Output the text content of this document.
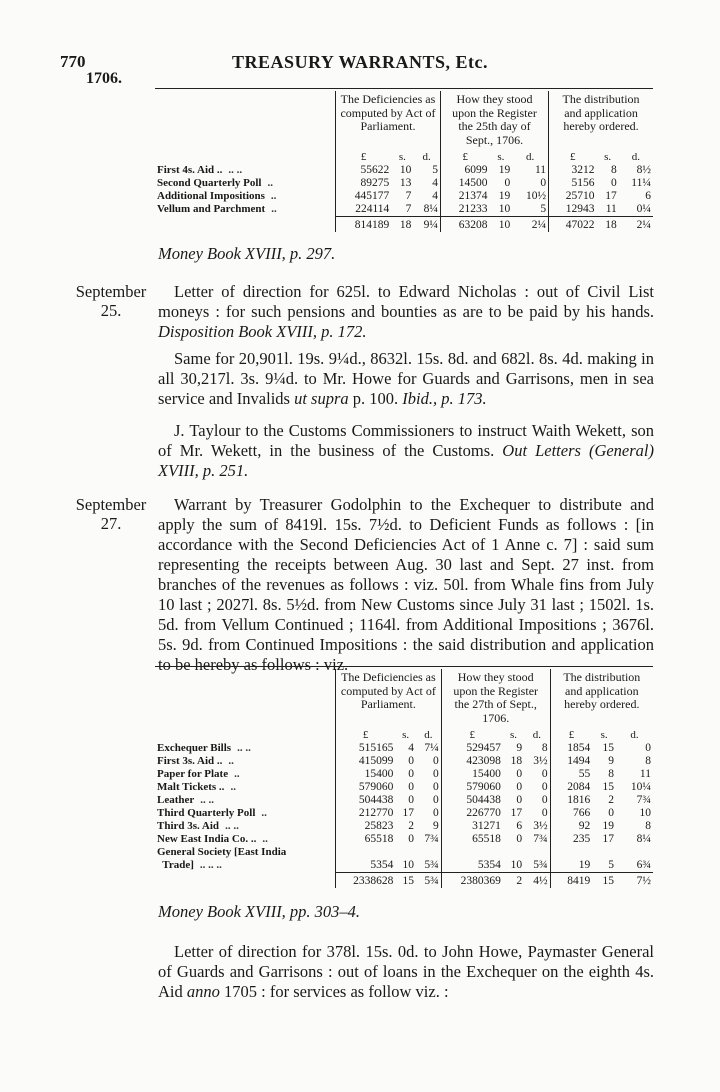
770	TREASURY WARRANTS, Etc.
1706.
	The Deficiencies as computed by Act of Parliament.			How they stood upon the Register the 25th day of Sept., 1706.			The distribution and application hereby ordered.		
	£	s.	d.	£	s.	d.	£	s.	d.
First 4s. Aid .. .. ..	55622	10	5	6099	19	11	3212	8	8½
Second Quarterly Poll ..	89275	13	4	14500	0	0	5156	0	11¼
Additional Impositions ..	445177	7	4	21374	19	10½	25710	17	6
Vellum and Parchment ..	224114	7	8¼	21233	10	5	12943	11	0¼
	814189	18	9¼	63208	10	2¼	47022	18	2¼
Money Book XVIII, p. 297.
September
25.
Letter of direction for 625l. to Edward Nicholas : out of Civil List moneys : for such pensions and bounties as are to be paid by his hands. Disposition Book XVIII, p. 172.
Same for 20,901l. 19s. 9¼d., 8632l. 15s. 8d. and 682l. 8s. 4d. making in all 30,217l. 3s. 9¼d. to Mr. Howe for Guards and Garrisons, men in sea service and Invalids ut supra p. 100. Ibid., p. 173.
J. Taylour to the Customs Commissioners to instruct Waith Wekett, son of Mr. Wekett, in the business of the Customs. Out Letters (General) XVIII, p. 251.
September
27.
Warrant by Treasurer Godolphin to the Exchequer to distribute and apply the sum of 8419l. 15s. 7½d. to Deficient Funds as follows : [in accordance with the Second Deficiencies Act of 1 Anne c. 7] : said sum representing the receipts between Aug. 30 last and Sept. 27 inst. from branches of the revenues as follows : viz. 50l. from Whale fins from July 10 last ; 2027l. 8s. 5½d. from New Customs since July 31 last ; 1502l. 1s. 5d. from Vellum Continued ; 1164l. from Additional Impositions ; 3676l. 5s. 9d. from Continued Impositions : the said distribution and application to be hereby as follows : viz.
	The Deficiencies as computed by Act of Parliament.			How they stood upon the Register the 27th of Sept., 1706.			The distribution and application hereby ordered.		
	£	s.	d.	£	s.	d.	£	s.	d.
Exchequer Bills .. ..	515165	4	7¼	529457	9	8	1854	15	0
First 3s. Aid .. ..	415099	0	0	423098	18	3½	1494	9	8
Paper for Plate ..	15400	0	0	15400	0	0	55	8	11
Malt Tickets .. ..	579060	0	0	579060	0	0	2084	15	10¼
Leather .. ..	504438	0	0	504438	0	0	1816	2	7¾
Third Quarterly Poll ..	212770	17	0	226770	17	0	766	0	10
Third 3s. Aid .. ..	25823	2	9	31271	6	3½	92	19	8
New East India Co. .. ..	65518	0	7¾	65518	0	7¾	235	17	8¼
General Society [East India									
Trade] .. .. ..	5354	10	5¾	5354	10	5¾	19	5	6¾
	2338628	15	5¾	2380369	2	4½	8419	15	7½
Money Book XVIII, pp. 303–4.
Letter of direction for 378l. 15s. 0d. to John Howe, Paymaster General of Guards and Garrisons : out of loans in the Exchequer on the eighth 4s. Aid anno 1705 : for services as follow viz. :
